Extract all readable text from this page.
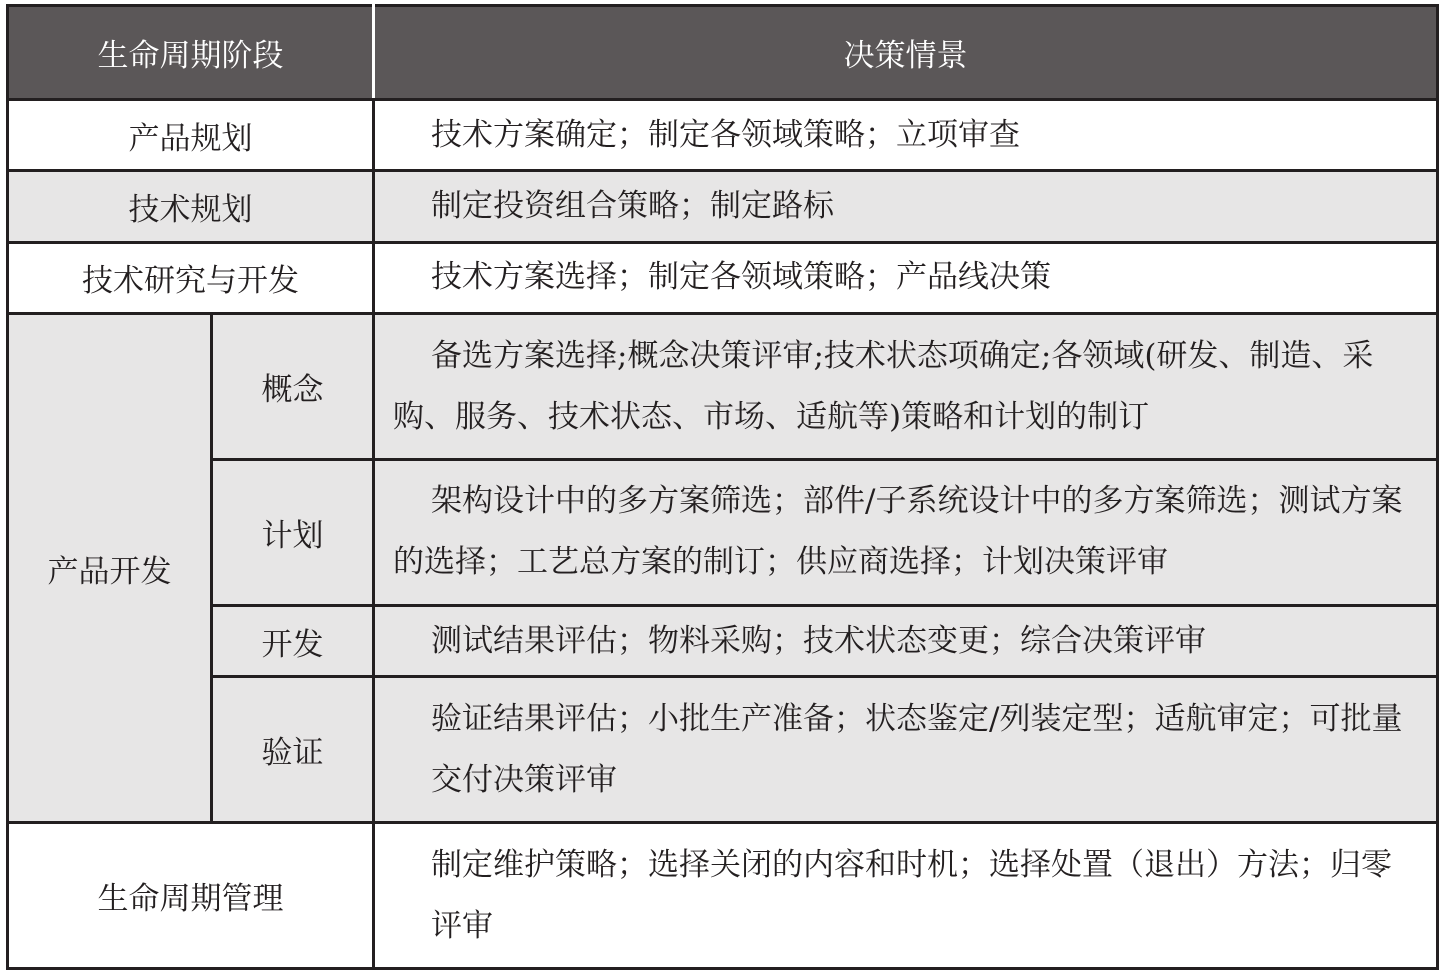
生命周期阶段		决策情景
产品规划		技术方案确定；制定各领域策略；立项审查
技术规划		制定投资组合策略；制定路标
技术研究与开发		技术方案选择；制定各领域策略；产品线决策
产品开发	概念	备选方案选择;概念决策评审;技术状态项确定;各领域(研发、制造、采购、服务、技术状态、市场、适航等)策略和计划的制订
	计划	架构设计中的多方案筛选；部件/子系统设计中的多方案筛选；测试方案的选择；工艺总方案的制订；供应商选择；计划决策评审
	开发	测试结果评估；物料采购；技术状态变更；综合决策评审
	验证	验证结果评估；小批生产准备；状态鉴定/列装定型；适航审定；可批量交付决策评审
生命周期管理		制定维护策略；选择关闭的内容和时机；选择处置（退出）方法；归零评审
